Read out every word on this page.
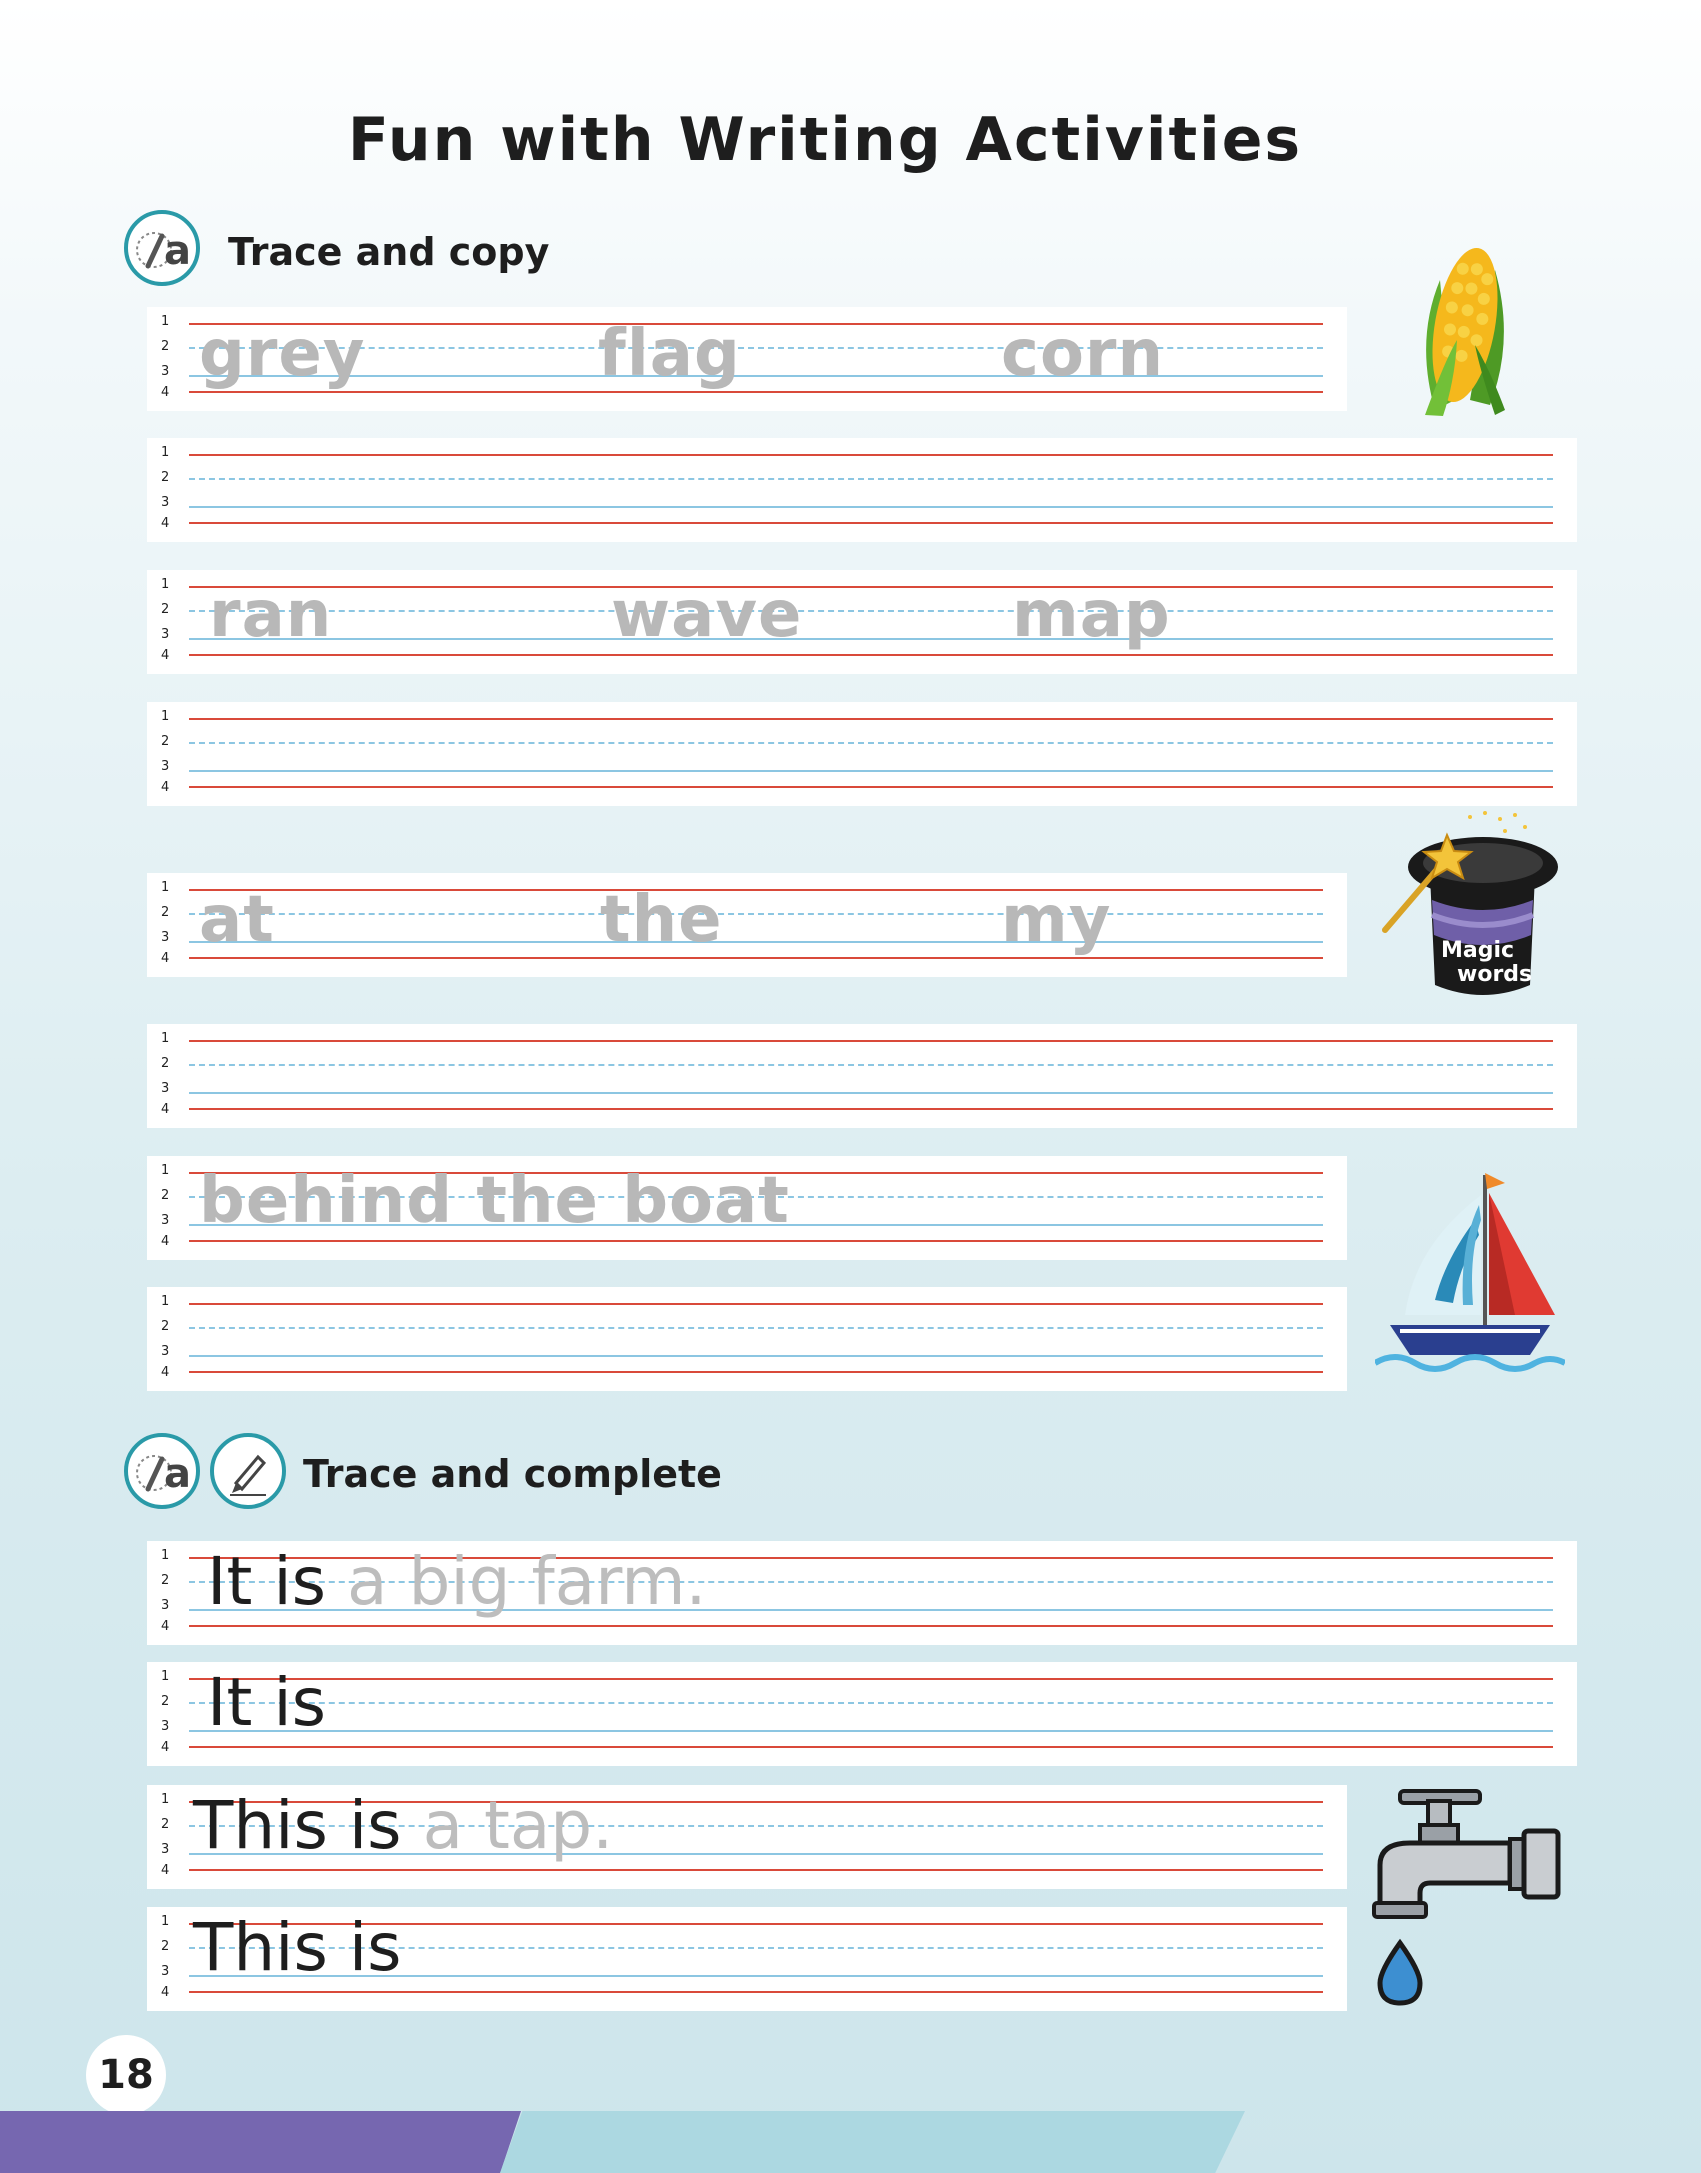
Fun with Writing Activities
a Trace and copy
1
2
3
4
grey	flag	corn
1
2
3
4
1
2
3
4
ran	wave	map
1
2
3
4
1
2
3
4
at	the	my	Magic
words
1
2
3
4
1
2
3
4
behind the boat
1
2
3
4
a	Trace and complete
1
2
3
4
It is a big farm.
1
2
3
4
It is
1
2
3
4
This is a tap.
1
2
3
4
This is
18
